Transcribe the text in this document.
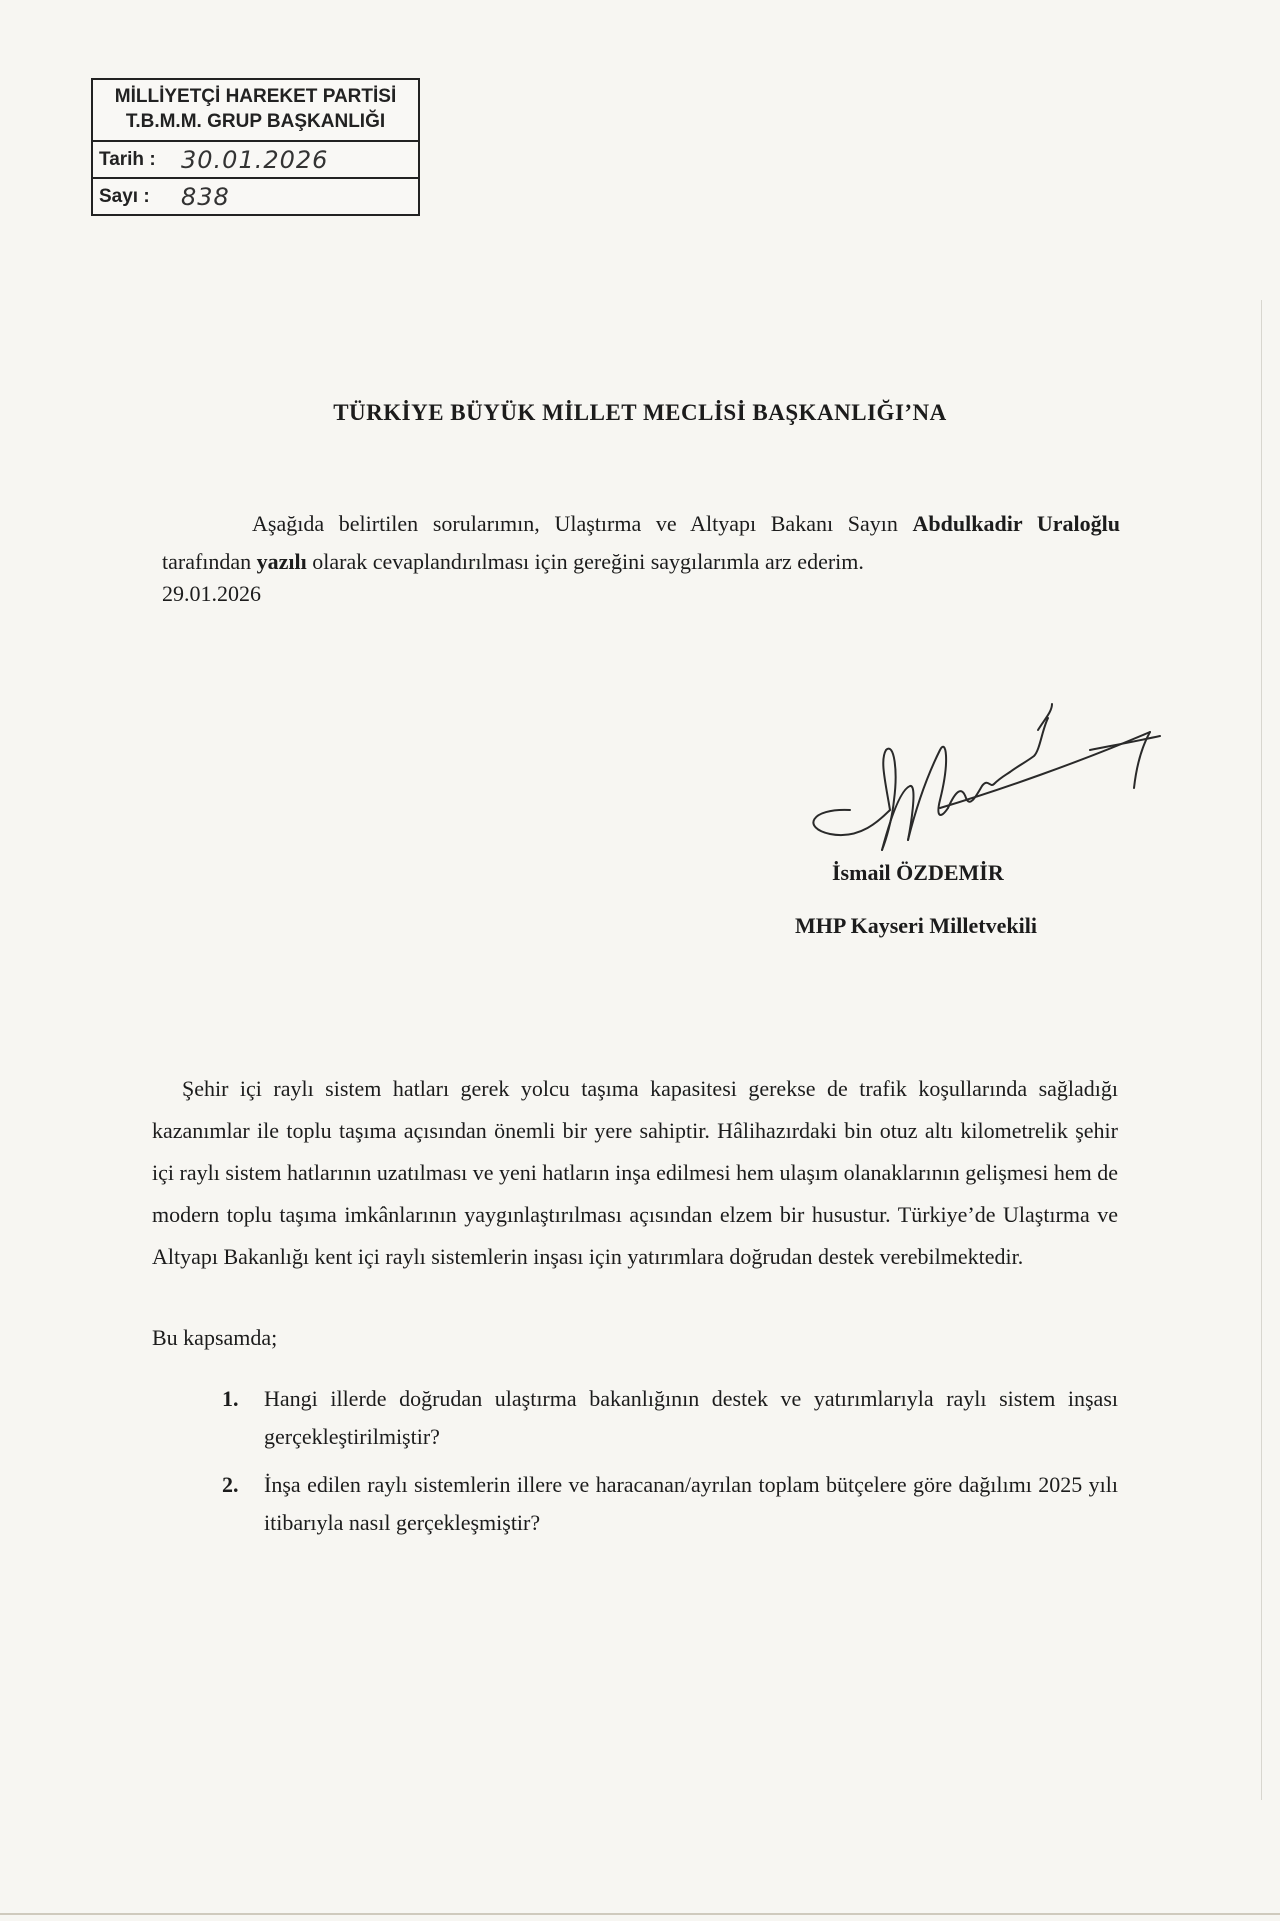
MİLLİYETÇİ HAREKET PARTİSİ
T.B.M.M. GRUP BAŞKANLIĞI
Tarih :	30.01.2026
Sayı :	838
TÜRKİYE BÜYÜK MİLLET MECLİSİ BAŞKANLIĞI’NA
Aşağıda belirtilen sorularımın, Ulaştırma ve Altyapı Bakanı Sayın Abdulkadir Uraloğlu tarafından yazılı olarak cevaplandırılması için gereğini saygılarımla arz ederim.
29.01.2026
İsmail ÖZDEMİR
MHP Kayseri Milletvekili
Şehir içi raylı sistem hatları gerek yolcu taşıma kapasitesi gerekse de trafik koşullarında sağladığı kazanımlar ile toplu taşıma açısından önemli bir yere sahiptir. Hâlihazırdaki bin otuz altı kilometrelik şehir içi raylı sistem hatlarının uzatılması ve yeni hatların inşa edilmesi hem ulaşım olanaklarının gelişmesi hem de modern toplu taşıma imkânlarının yaygınlaştırılması açısından elzem bir husustur. Türkiye’de Ulaştırma ve Altyapı Bakanlığı kent içi raylı sistemlerin inşası için yatırımlara doğrudan destek verebilmektedir.
Bu kapsamda;
1.	Hangi illerde doğrudan ulaştırma bakanlığının destek ve yatırımlarıyla raylı sistem inşası gerçekleştirilmiştir?
2.	İnşa edilen raylı sistemlerin illere ve haracanan/ayrılan toplam bütçelere göre dağılımı 2025 yılı itibarıyla nasıl gerçekleşmiştir?
